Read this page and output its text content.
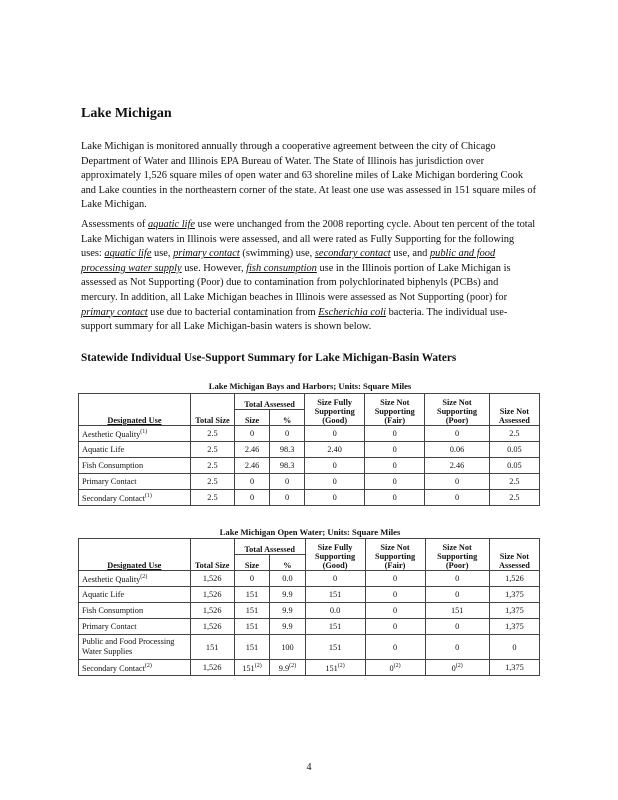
Lake Michigan

Lake Michigan is monitored annually through a cooperative agreement between the city of Chicago Department of Water and Illinois EPA Bureau of Water. The State of Illinois has jurisdiction over approximately 1,526 square miles of open water and 63 shoreline miles of Lake Michigan bordering Cook and Lake counties in the northeastern corner of the state. At least one use was assessed in 151 square miles of Lake Michigan.

Assessments of aquatic life use were unchanged from the 2008 reporting cycle. About ten percent of the total Lake Michigan waters in Illinois were assessed, and all were rated as Fully Supporting for the following uses: aquatic life use, primary contact (swimming) use, secondary contact use, and public and food processing water supply use. However, fish consumption use in the Illinois portion of Lake Michigan is assessed as Not Supporting (Poor) due to contamination from polychlorinated biphenyls (PCBs) and mercury. In addition, all Lake Michigan beaches in Illinois were assessed as Not Supporting (poor) for primary contact use due to bacterial contamination from Escherichia coli bacteria. The individual use-support summary for all Lake Michigan-basin waters is shown below.

Statewide Individual Use-Support Summary for Lake Michigan-Basin Waters
Lake Michigan Bays and Harbors; Units: Square Miles
Designated Use	Total Size	Total Assessed		Size Fully Supporting (Good)	Size Not Supporting (Fair)	Size Not Supporting (Poor)	Size Not Assessed
		Size	%				
Aesthetic Quality$^{(1)}$	2.5	0	0	0	0	0	2.5
Aquatic Life	2.5	2.46	98.3	2.40	0	0.06	0.05
Fish Consumption	2.5	2.46	98.3	0	0	2.46	0.05
Primary Contact	2.5	0	0	0	0	0	2.5
Secondary Contact$^{(1)}$	2.5	0	0	0	0	0	2.5
Lake Michigan Open Water; Units: Square Miles
Designated Use	Total Size	Total Assessed		Size Fully Supporting (Good)	Size Not Supporting (Fair)	Size Not Supporting (Poor)	Size Not Assessed
		Size	%				
Aesthetic Quality$^{(2)}$	1,526	0	0.0	0	0	0	1,526
Aquatic Life	1,526	151	9.9	151	0	0	1,375
Fish Consumption	1,526	151	9.9	0.0	0	151	1,375
Primary Contact	1,526	151	9.9	151	0	0	1,375
Public and Food Processing Water Supplies	151	151	100	151	0	0	0
Secondary Contact$^{(2)}$	1,526	151$^{(2)}$	9.9$^{(2)}$	151$^{(2)}$	0$^{(2)}$	0$^{(2)}$	1,375
4
